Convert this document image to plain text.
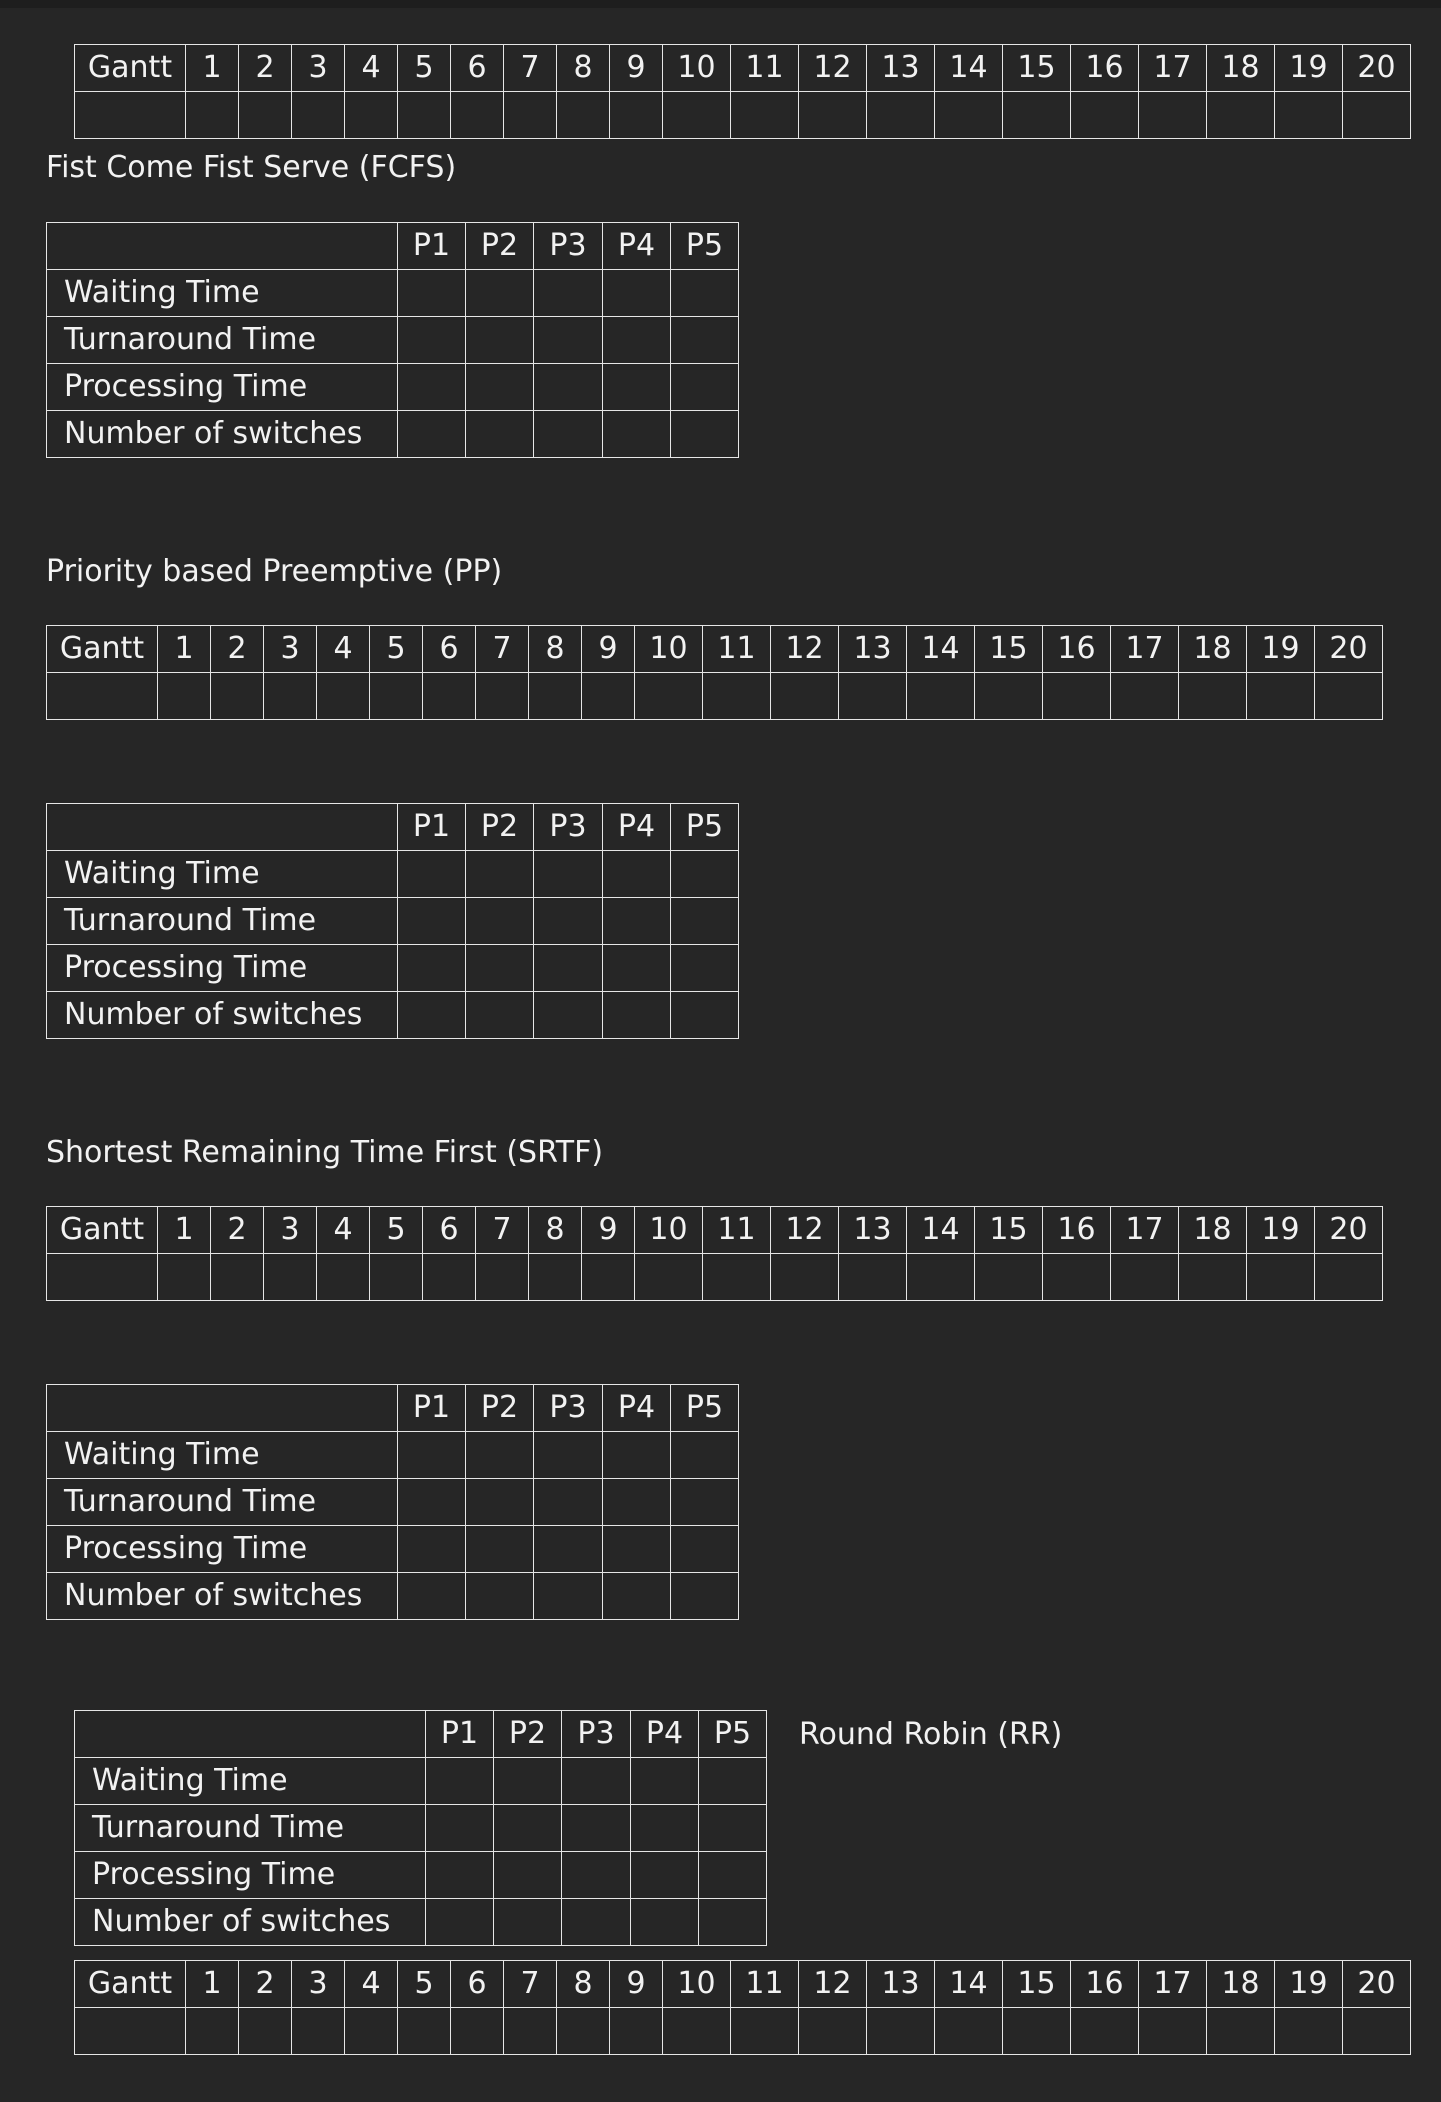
Gantt	1	2	3	4	5	6	7	8	9	10	11	12	13	14	15	16	17	18	19	20

Fist Come Fist Serve (FCFS)
	P1	P2	P3	P4	P5
Waiting Time					
Turnaround Time					
Processing Time					
Number of switches					
Priority based Preemptive (PP)
Gantt	1	2	3	4	5	6	7	8	9	10	11	12	13	14	15	16	17	18	19	20

	P1	P2	P3	P4	P5
Waiting Time					
Turnaround Time					
Processing Time					
Number of switches					
Shortest Remaining Time First (SRTF)
Gantt	1	2	3	4	5	6	7	8	9	10	11	12	13	14	15	16	17	18	19	20

	P1	P2	P3	P4	P5
Waiting Time					
Turnaround Time					
Processing Time					
Number of switches					
	P1	P2	P3	P4	P5
Waiting Time					
Turnaround Time					
Processing Time					
Number of switches					
Round Robin (RR)
Gantt	1	2	3	4	5	6	7	8	9	10	11	12	13	14	15	16	17	18	19	20
